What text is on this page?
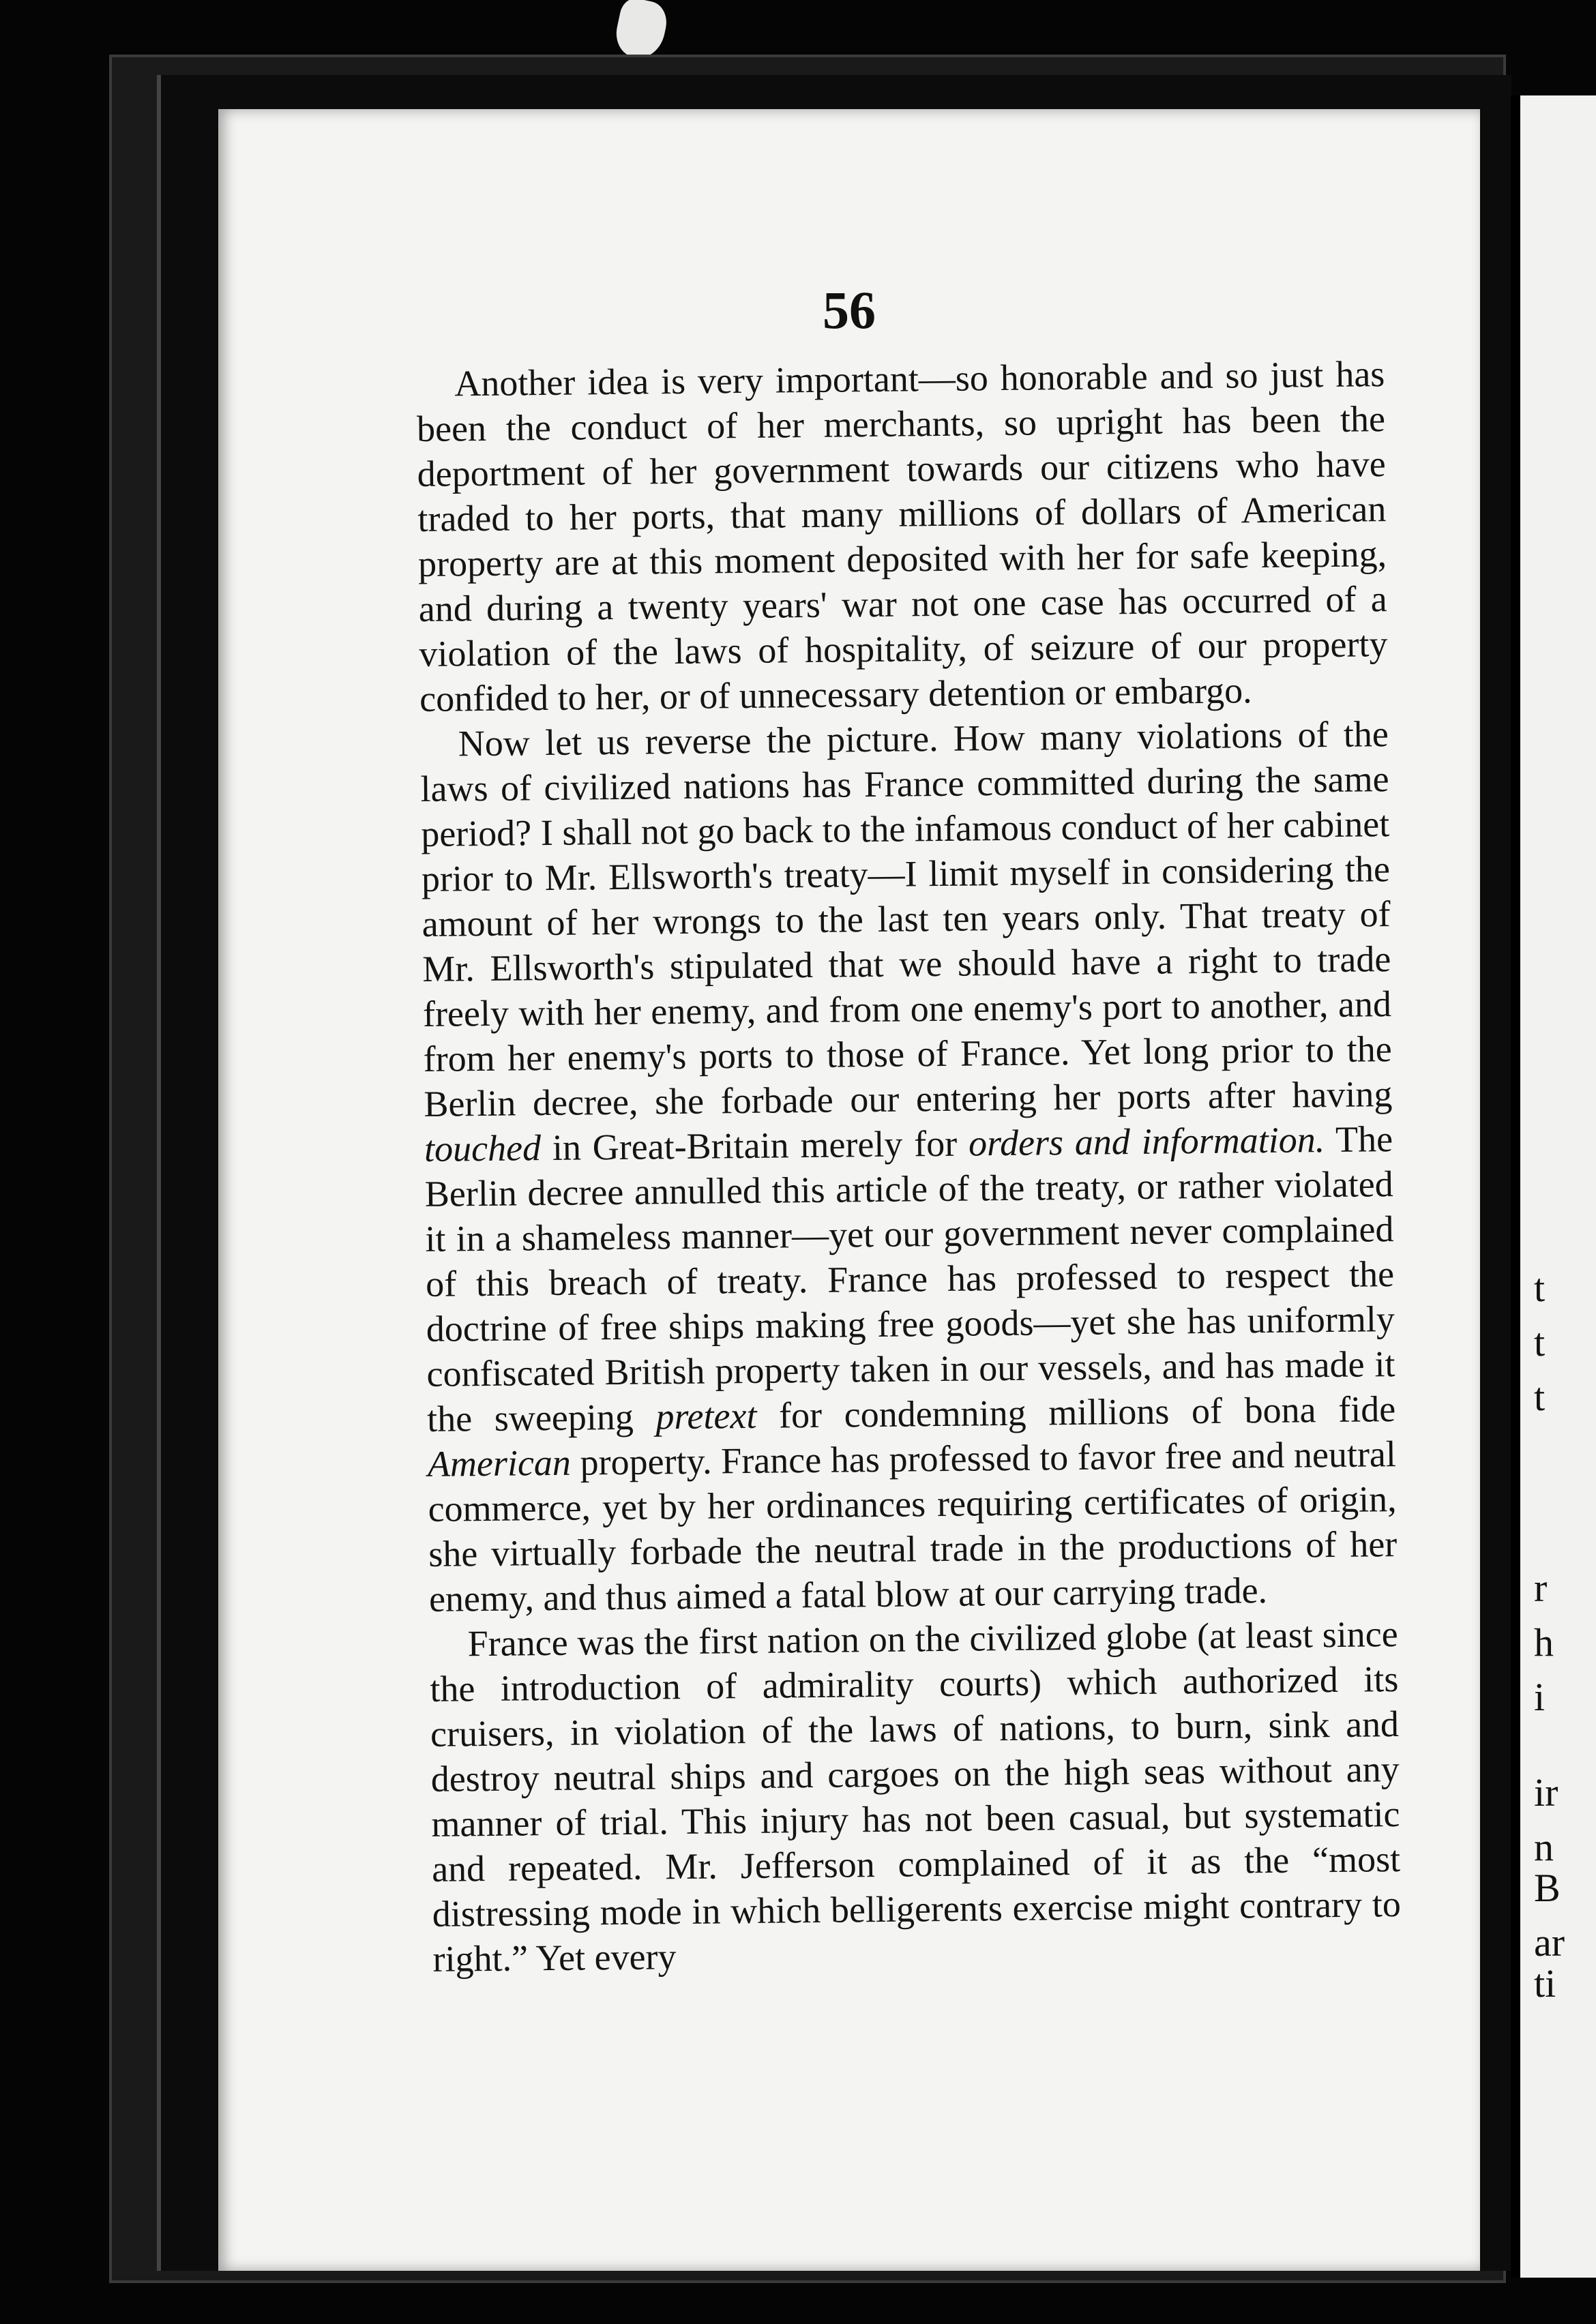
56

Another idea is very important—so honorable and so just has been the conduct of her merchants, so upright has been the deportment of her government towards our citizens who have traded to her ports, that many millions of dollars of American property are at this moment deposited with her for safe keeping, and during a twenty years' war not one case has occurred of a violation of the laws of hospitality, of seizure of our property confided to her, or of unnecessary detention or embargo.

Now let us reverse the picture. How many violations of the laws of civilized nations has France committed during the same period? I shall not go back to the infamous conduct of her cabinet prior to Mr. Ellsworth's treaty—I limit myself in considering the amount of her wrongs to the last ten years only. That treaty of Mr. Ellsworth's stipulated that we should have a right to trade freely with her enemy, and from one enemy's port to another, and from her enemy's ports to those of France. Yet long prior to the Berlin decree, she forbade our entering her ports after having touched in Great-Britain merely for orders and information. The Berlin decree annulled this article of the treaty, or rather violated it in a shameless manner—yet our government never complained of this breach of treaty. France has professed to respect the doctrine of free ships making free goods—yet she has uniformly confiscated British property taken in our vessels, and has made it the sweeping pretext for condemning millions of bona fide American property. France has professed to favor free and neutral commerce, yet by her ordinances requiring certificates of origin, she virtually forbade the neutral trade in the productions of her enemy, and thus aimed a fatal blow at our carrying trade.

France was the first nation on the civilized globe (at least since the introduction of admirality courts) which authorized its cruisers, in violation of the laws of nations, to burn, sink and destroy neutral ships and cargoes on the high seas without any manner of trial. This injury has not been casual, but systematic and repeated. Mr. Jefferson complained of it as the “most distressing mode in which belligerents exercise might contrary to right.” Yet every

t
t
t
r
h
i
ir
n
B
ar
ti
